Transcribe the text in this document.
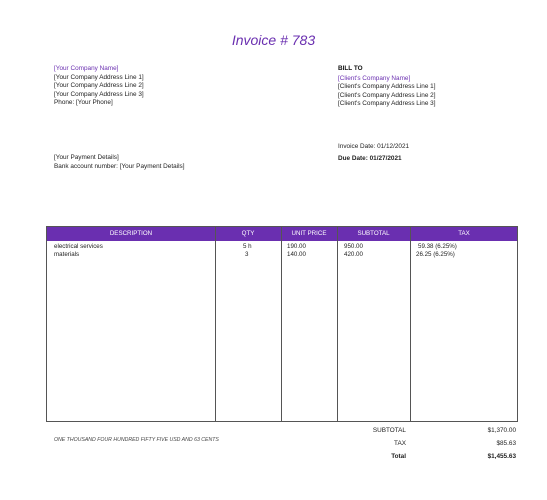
Invoice # 783
[Your Company Name]
[Your Company Address Line 1]
[Your Company Address Line 2]
[Your Company Address Line 3]
Phone: [Your Phone]
BILL TO
[Client's Company Name]
[Client's Company Address Line 1]
[Client's Company Address Line 2]
[Client's Company Address Line 3]
[Your Payment Details]
Bank account number: [Your Payment Details]
Invoice Date: 01/12/2021
Due Date: 01/27/2021
DESCRIPTION	QTY	UNIT PRICE	SUBTOTAL	TAX
electrical services	5 h	190.00	950.00	59.38 (6.25%)
materials	3	140.00	420.00	26.25 (6.25%)
ONE THOUSAND FOUR HUNDRED FIFTY FIVE USD AND 63 CENTS
SUBTOTAL	$1,370.00
TAX	$85.63
Total	$1,455.63
